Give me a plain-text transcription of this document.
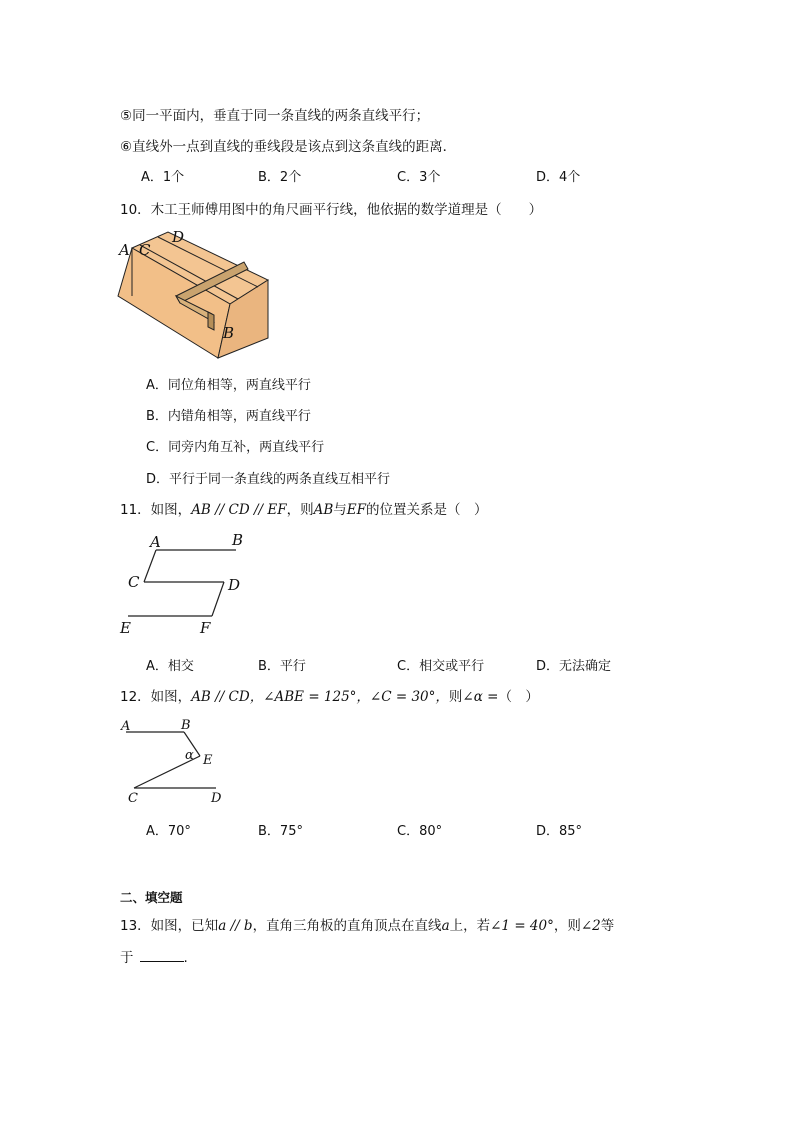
⑤同一平面内，垂直于同一条直线的两条直线平行；
⑥直线外一点到直线的垂线段是该点到这条直线的距离．
A．1个	B．2个	C．3个	D．4个
10．木工王师傅用图中的角尺画平行线，他依据的数学道理是（　　）
A C
D
B
A．同位角相等，两直线平行
B．内错角相等，两直线平行
C．同旁内角互补，两直线平行
D．平行于同一条直线的两条直线互相平行
11．如图，AB // CD // EF，则AB与EF的位置关系是（　）
A	B
C	D
E	F
A．相交	B．平行	C．相交或平行	D．无法确定
12．如图，AB // CD，∠ABE = 125°，∠C = 30°，则∠α =（　）
A	B
α E
C	D
A．70°	B．75°	C．80°	D．85°
二、填空题
13．如图，已知a // b，直角三角板的直角顶点在直线a上，若∠1 = 40°，则∠2等
于	.
